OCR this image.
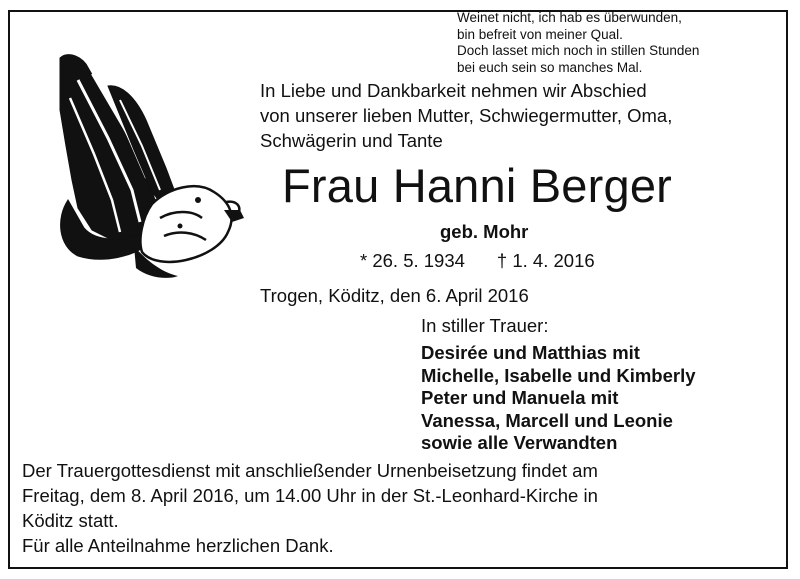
Weinet nicht, ich hab es überwunden,
bin befreit von meiner Qual.
Doch lasset mich noch in stillen Stunden
bei euch sein so manches Mal.
In Liebe und Dankbarkeit nehmen wir Abschied
von unserer lieben Mutter, Schwiegermutter, Oma,
Schwägerin und Tante
Frau Hanni Berger
geb. Mohr
* 26. 5. 1934 † 1. 4. 2016
Trogen, Köditz, den 6. April 2016
In stiller Trauer:
Desirée und Matthias mit
Michelle, Isabelle und Kimberly
Peter und Manuela mit
Vanessa, Marcell und Leonie
sowie alle Verwandten
Der Trauergottesdienst mit anschließender Urnenbeisetzung findet am
Freitag, dem 8. April 2016, um 14.00 Uhr in der St.-Leonhard-Kirche in
Köditz statt.
Für alle Anteilnahme herzlichen Dank.
